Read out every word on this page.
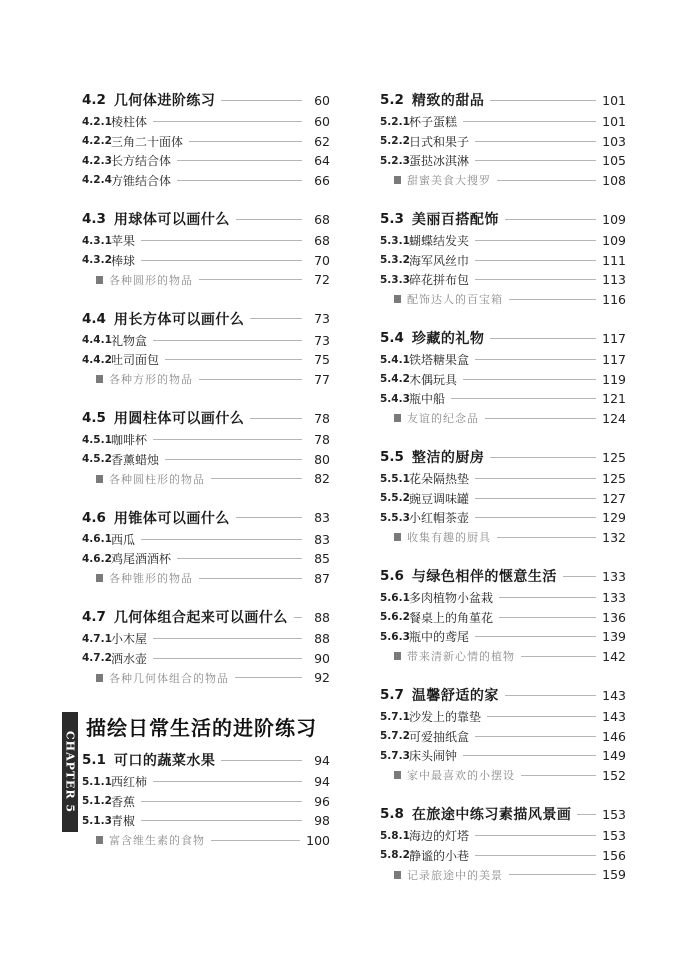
4.2 几何体进阶练习	60
4.2.1 棱柱体	60
4.2.2 三角二十面体	62
4.2.3 长方结合体	64
4.2.4 方锥结合体	66
4.3 用球体可以画什么	68
4.3.1 苹果	68
4.3.2 棒球	70
各种圆形的物品	72
4.4 用长方体可以画什么	73
4.4.1 礼物盒	73
4.4.2 吐司面包	75
各种方形的物品	77
4.5 用圆柱体可以画什么	78
4.5.1 咖啡杯	78
4.5.2 香薰蜡烛	80
各种圆柱形的物品	82
4.6 用锥体可以画什么	83
4.6.1 西瓜	83
4.6.2 鸡尾酒酒杯	85
各种锥形的物品	87
4.7 几何体组合起来可以画什么	88
4.7.1 小木屋	88
4.7.2 洒水壶	90
各种几何体组合的物品	92
CHAPTER 5
描绘日常生活的进阶练习
5.1 可口的蔬菜水果	94
5.1.1 西红柿	94
5.1.2 香蕉	96
5.1.3 青椒	98
富含维生素的食物	100
5.2 精致的甜品	101
5.2.1 杯子蛋糕	101
5.2.2 日式和果子	103
5.2.3 蛋挞冰淇淋	105
甜蜜美食大搜罗	108
5.3 美丽百搭配饰	109
5.3.1 蝴蝶结发夹	109
5.3.2 海军风丝巾	111
5.3.3 碎花拼布包	113
配饰达人的百宝箱	116
5.4 珍藏的礼物	117
5.4.1 铁塔糖果盒	117
5.4.2 木偶玩具	119
5.4.3 瓶中船	121
友谊的纪念品	124
5.5 整洁的厨房	125
5.5.1 花朵隔热垫	125
5.5.2 豌豆调味罐	127
5.5.3 小红帽茶壶	129
收集有趣的厨具	132
5.6 与绿色相伴的惬意生活	133
5.6.1 多肉植物小盆栽	133
5.6.2 餐桌上的角堇花	136
5.6.3 瓶中的鸢尾	139
带来清新心情的植物	142
5.7 温馨舒适的家	143
5.7.1 沙发上的靠垫	143
5.7.2 可爱抽纸盒	146
5.7.3 床头闹钟	149
家中最喜欢的小摆设	152
5.8 在旅途中练习素描风景画 153
5.8.1 海边的灯塔	153
5.8.2 静谧的小巷	156
记录旅途中的美景	159
